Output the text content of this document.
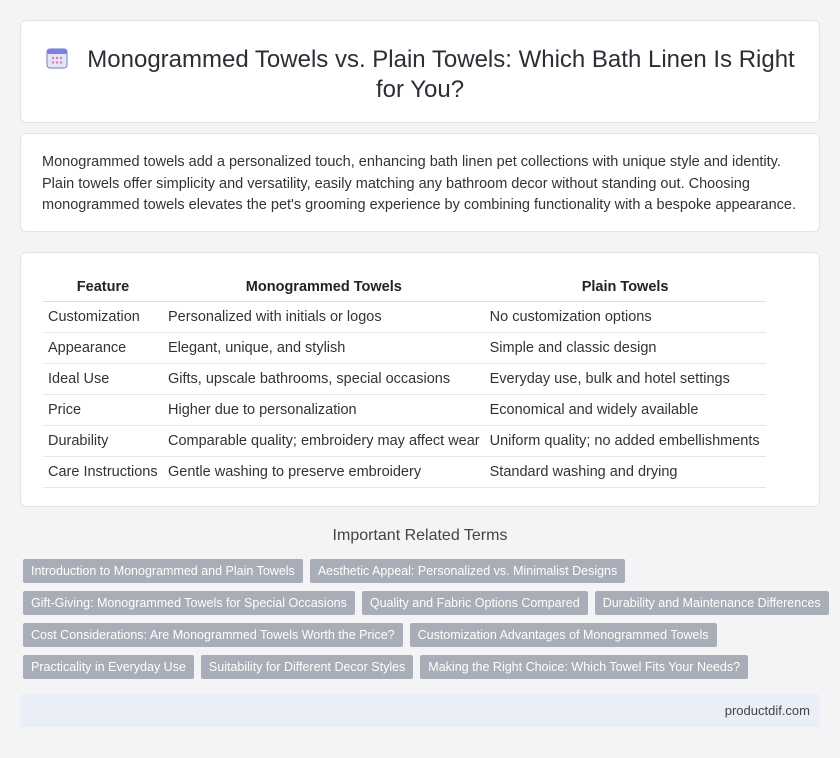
Monogrammed Towels vs. Plain Towels: Which Bath Linen Is Right for You?

Monogrammed towels add a personalized touch, enhancing bath linen pet collections with unique style and identity. Plain towels offer simplicity and versatility, easily matching any bathroom decor without standing out. Choosing monogrammed towels elevates the pet's grooming experience by combining functionality with a bespoke appearance.

Feature	Monogrammed Towels	Plain Towels
Customization	Personalized with initials or logos	No customization options
Appearance	Elegant, unique, and stylish	Simple and classic design
Ideal Use	Gifts, upscale bathrooms, special occasions	Everyday use, bulk and hotel settings
Price	Higher due to personalization	Economical and widely available
Durability	Comparable quality; embroidery may affect wear	Uniform quality; no added embellishments
Care Instructions	Gentle washing to preserve embroidery	Standard washing and drying
Important Related Terms
Introduction to Monogrammed and Plain Towels	Aesthetic Appeal: Personalized vs. Minimalist Designs
Gift-Giving: Monogrammed Towels for Special Occasions	Quality and Fabric Options Compared	Durability and Maintenance Differences
Cost Considerations: Are Monogrammed Towels Worth the Price?	Customization Advantages of Monogrammed Towels
Practicality in Everyday Use	Suitability for Different Decor Styles	Making the Right Choice: Which Towel Fits Your Needs?
productdif.com
